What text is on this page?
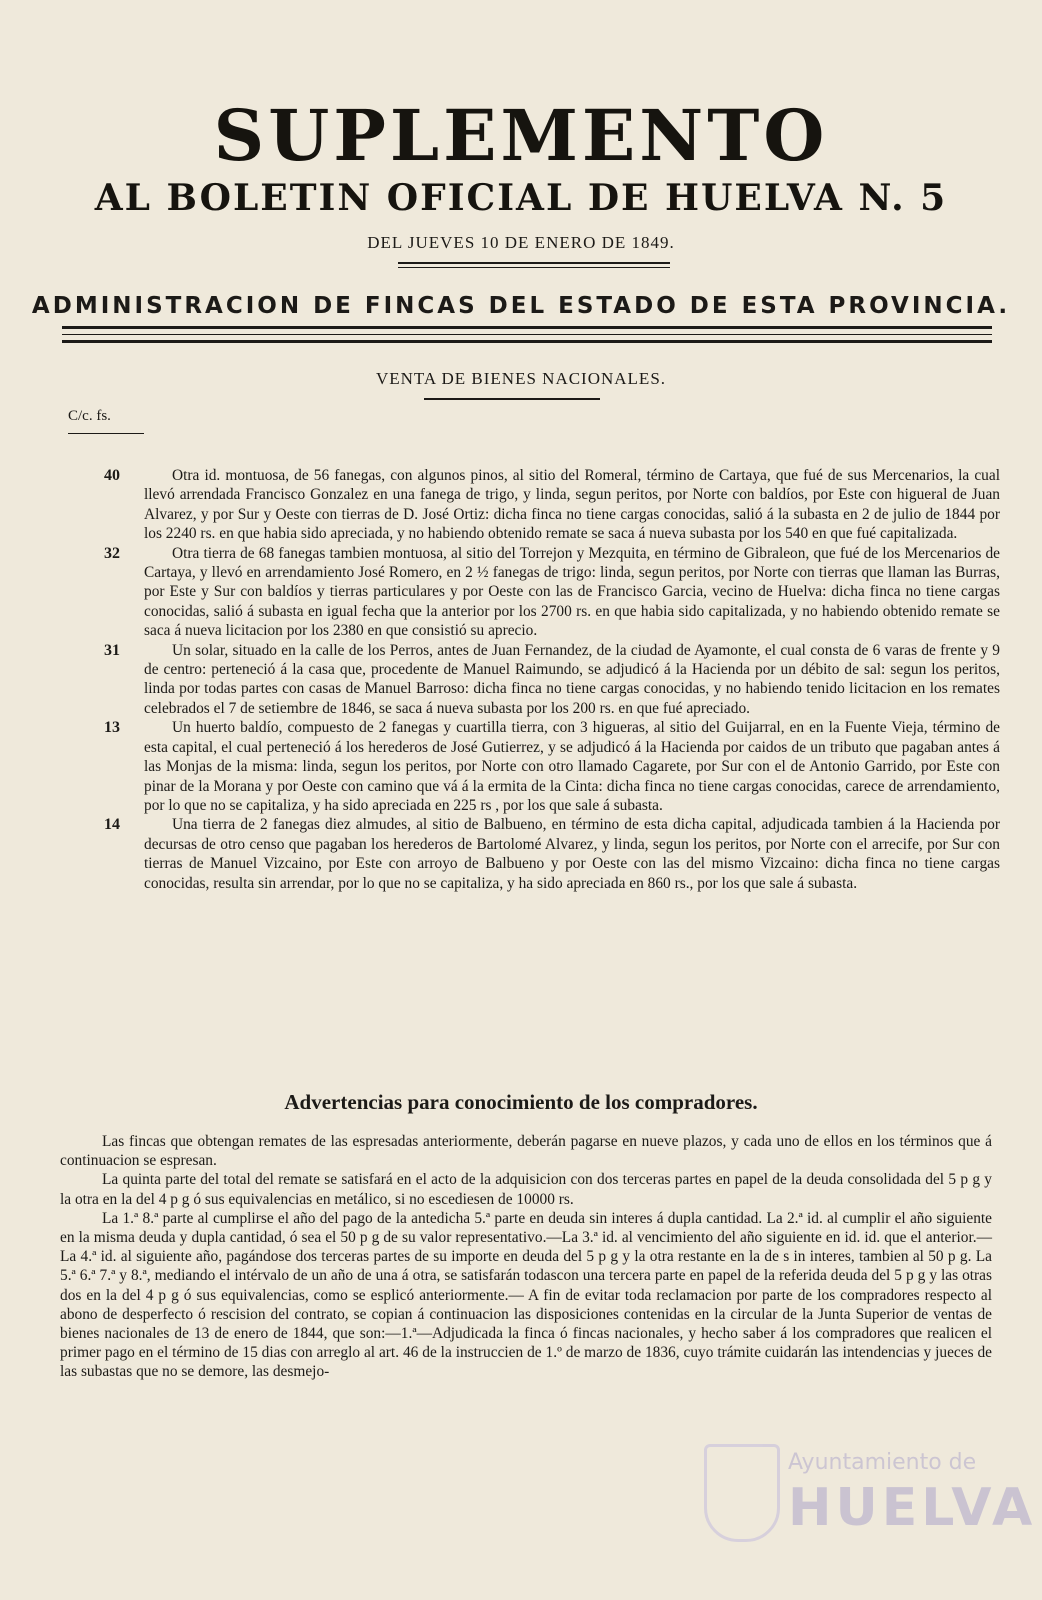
SUPLEMENTO
AL BOLETIN OFICIAL DE HUELVA N. 5
DEL JUEVES 10 DE ENERO DE 1849.
ADMINISTRACION DE FINCAS DEL ESTADO DE ESTA PROVINCIA.
VENTA DE BIENES NACIONALES.
C/c. fs.
40	Otra id. montuosa, de 56 fanegas, con algunos pinos, al sitio del Romeral, término de Cartaya, que fué de sus Mercenarios, la cual llevó arrendada Francisco Gonzalez en una fanega de trigo, y linda, segun peritos, por Norte con baldíos, por Este con higueral de Juan Alvarez, y por Sur y Oeste con tierras de D. José Ortiz: dicha finca no tiene cargas conocidas, salió á la subasta en 2 de julio de 1844 por los 2240 rs. en que habia sido apreciada, y no habiendo obtenido remate se saca á nueva subasta por los 540 en que fué capitalizada.

32	Otra tierra de 68 fanegas tambien montuosa, al sitio del Torrejon y Mezquita, en término de Gibraleon, que fué de los Mercenarios de Cartaya, y llevó en arrendamiento José Romero, en 2 ½ fanegas de trigo: linda, segun peritos, por Norte con tierras que llaman las Burras, por Este y Sur con baldíos y tierras particulares y por Oeste con las de Francisco Garcia, vecino de Huelva: dicha finca no tiene cargas conocidas, salió á subasta en igual fecha que la anterior por los 2700 rs. en que habia sido capitalizada, y no habiendo obtenido remate se saca á nueva licitacion por los 2380 en que consistió su aprecio.

31	Un solar, situado en la calle de los Perros, antes de Juan Fernandez, de la ciudad de Ayamonte, el cual consta de 6 varas de frente y 9 de centro: perteneció á la casa que, procedente de Manuel Raimundo, se adjudicó á la Hacienda por un débito de sal: segun los peritos, linda por todas partes con casas de Manuel Barroso: dicha finca no tiene cargas conocidas, y no habiendo tenido licitacion en los remates celebrados el 7 de setiembre de 1846, se saca á nueva subasta por los 200 rs. en que fué apreciado.

13	Un huerto baldío, compuesto de 2 fanegas y cuartilla tierra, con 3 higueras, al sitio del Guijarral, en en la Fuente Vieja, término de esta capital, el cual perteneció á los herederos de José Gutierrez, y se adjudicó á la Hacienda por caidos de un tributo que pagaban antes á las Monjas de la misma: linda, segun los peritos, por Norte con otro llamado Cagarete, por Sur con el de Antonio Garrido, por Este con pinar de la Morana y por Oeste con camino que vá á la ermita de la Cinta: dicha finca no tiene cargas conocidas, carece de arrendamiento, por lo que no se capitaliza, y ha sido apreciada en 225 rs , por los que sale á subasta.

14	Una tierra de 2 fanegas diez almudes, al sitio de Balbueno, en término de esta dicha capital, adjudicada tambien á la Hacienda por decursas de otro censo que pagaban los herederos de Bartolomé Alvarez, y linda, segun los peritos, por Norte con el arrecife, por Sur con tierras de Manuel Vizcaino, por Este con arroyo de Balbueno y por Oeste con las del mismo Vizcaino: dicha finca no tiene cargas conocidas, resulta sin arrendar, por lo que no se capitaliza, y ha sido apreciada en 860 rs., por los que sale á subasta.

Advertencias para conocimiento de los compradores.

Las fincas que obtengan remates de las espresadas anteriormente, deberán pagarse en nueve plazos, y cada uno de ellos en los términos que á continuacion se espresan.

La quinta parte del total del remate se satisfará en el acto de la adquisicion con dos terceras partes en papel de la deuda consolidada del 5 p g y la otra en la del 4 p g ó sus equivalencias en metálico, si no escediesen de 10000 rs.

La 1.ª 8.ª parte al cumplirse el año del pago de la antedicha 5.ª parte en deuda sin interes á dupla cantidad. La 2.ª id. al cumplir el año siguiente en la misma deuda y dupla cantidad, ó sea el 50 p g de su valor representativo.—La 3.ª id. al vencimiento del año siguiente en id. id. que el anterior.—La 4.ª id. al siguiente año, pagándose dos terceras partes de su importe en deuda del 5 p g y la otra restante en la de s in interes, tambien al 50 p g. La 5.ª 6.ª 7.ª y 8.ª, mediando el intérvalo de un año de una á otra, se satisfarán todascon una tercera parte en papel de la referida deuda del 5 p g y las otras dos en la del 4 p g ó sus equivalencias, como se esplicó anteriormente.— A fin de evitar toda reclamacion por parte de los compradores respecto al abono de desperfecto ó rescision del contrato, se copian á continuacion las disposiciones contenidas en la circular de la Junta Superior de ventas de bienes nacionales de 13 de enero de 1844, que son:—1.ª—Adjudicada la finca ó fincas nacionales, y hecho saber á los compradores que realicen el primer pago en el término de 15 dias con arreglo al art. 46 de la instruccien de 1.º de marzo de 1836, cuyo trámite cuidarán las intendencias y jueces de las subastas que no se demore, las desmejo-

Ayuntamiento de
HUELVA
